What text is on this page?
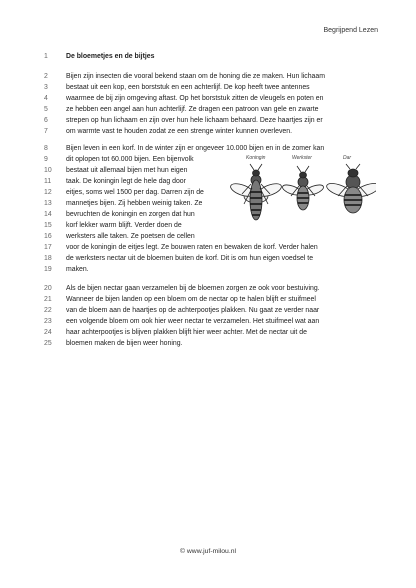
Begrijpend Lezen
1	De bloemetjes en de bijtjes
2	Bijen zijn insecten die vooral bekend staan om de honing die ze maken. Hun lichaam
3	bestaat uit een kop, een borststuk en een achterlijf. De kop heeft twee antennes
4	waarmee de bij zijn omgeving aftast. Op het borststuk zitten de vleugels en poten en
5	ze hebben een angel aan hun achterlijf. Ze dragen een patroon van gele en zwarte
6	strepen op hun lichaam en zijn over hun hele lichaam behaard. Deze haartjes zijn er
7	om warmte vast te houden zodat ze een strenge winter kunnen overleven.
8	Bijen leven in een korf. In de winter zijn er ongeveer 10.000 bijen en in de zomer kan
9	dit oplopen tot 60.000 bijen. Een bijenvolk
10	bestaat uit allemaal bijen met hun eigen
11	taak. De koningin legt de hele dag door
12	eitjes, soms wel 1500 per dag. Darren zijn de
13	mannetjes bijen. Zij hebben weinig taken. Ze
14	bevruchten de koningin en zorgen dat hun
15	korf lekker warm blijft. Verder doen de
16	werksters alle taken. Ze poetsen de cellen
17	voor de koningin de eitjes legt. Ze bouwen raten en bewaken de korf. Verder halen
18	de werksters nectar uit de bloemen buiten de korf. Dit is om hun eigen voedsel te
19	maken.
20	Als de bijen nectar gaan verzamelen bij de bloemen zorgen ze ook voor bestuiving.
21	Wanneer de bijen landen op een bloem om de nectar op te halen blijft er stuifmeel
22	van de bloem aan de haartjes op de achterpootjes plakken. Nu gaat ze verder naar
23	een volgende bloem om ook hier weer nectar te verzamelen. Het stuifmeel wat aan
24	haar achterpootjes is blijven plakken blijft hier weer achter. Met de nectar uit de
25	bloemen maken de bijen weer honing.
Koningin	Werkster	Dar
© www.juf-milou.nl
